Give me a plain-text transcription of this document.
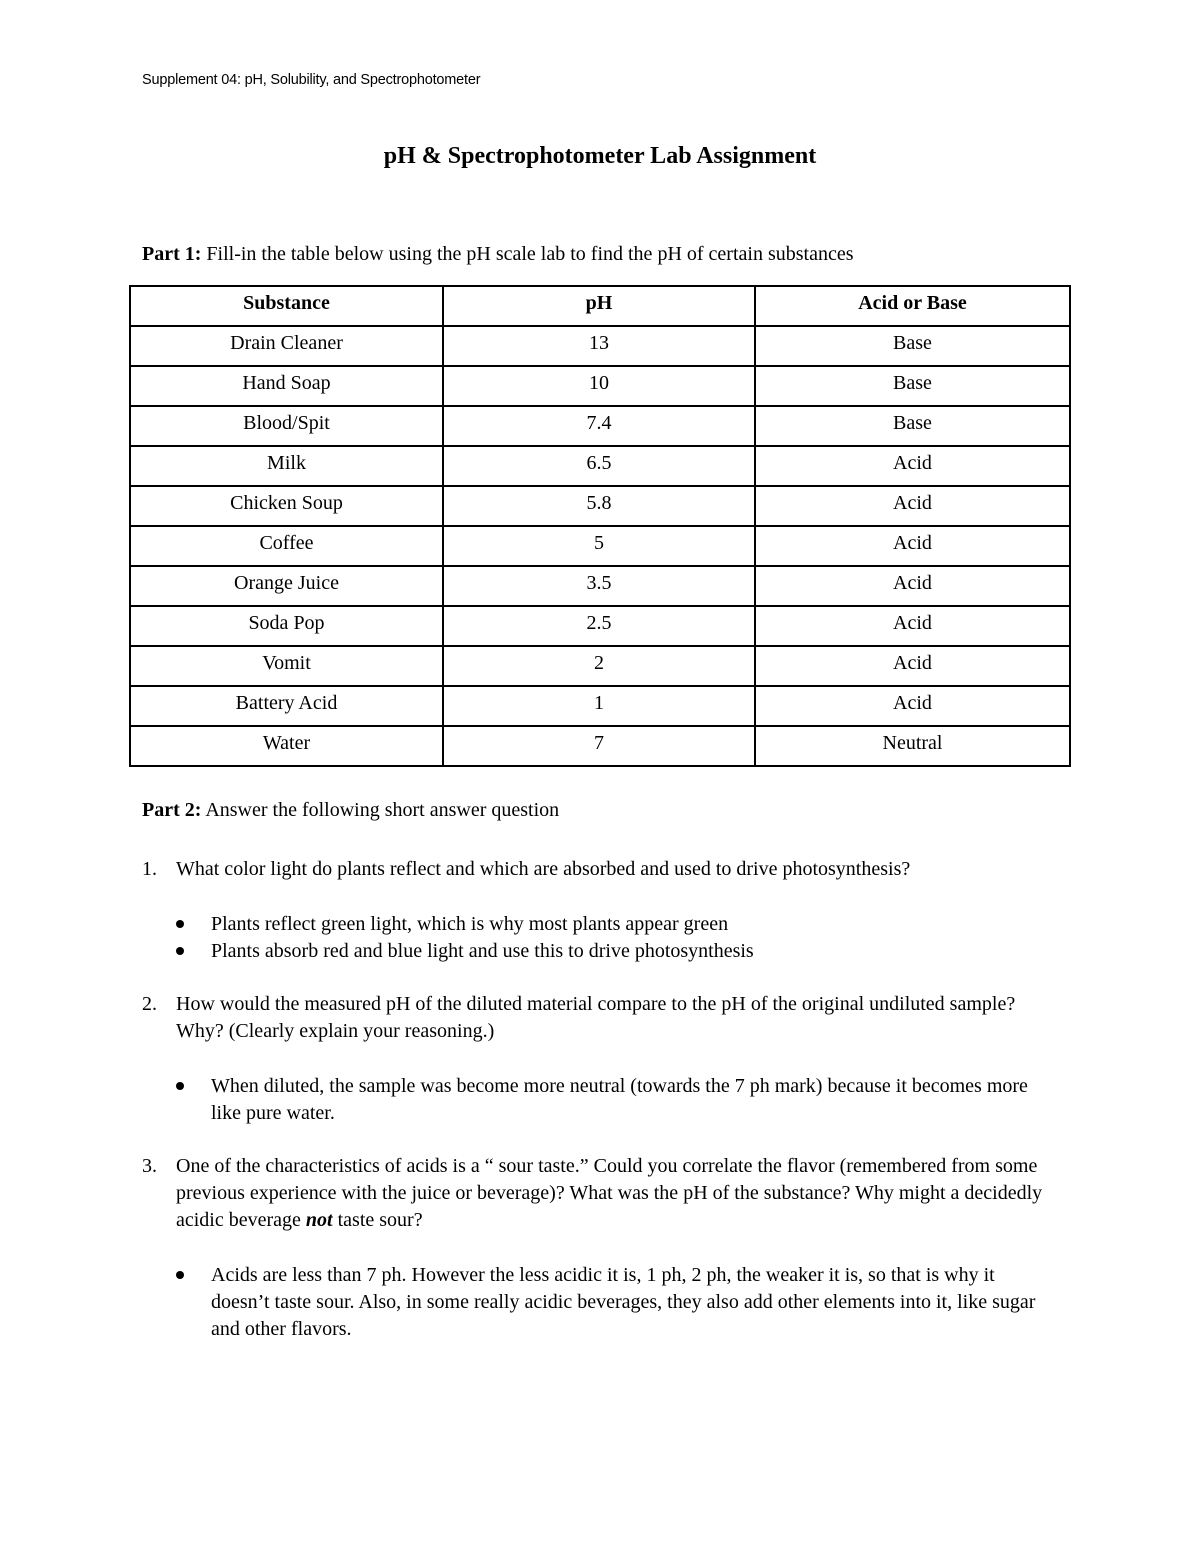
Supplement 04: pH, Solubility, and Spectrophotometer
pH & Spectrophotometer Lab Assignment
Part 1: Fill-in the table below using the pH scale lab to find the pH of certain substances
Substance	pH	Acid or Base
Drain Cleaner	13	Base
Hand Soap	10	Base
Blood/Spit	7.4	Base
Milk	6.5	Acid
Chicken Soup	5.8	Acid
Coffee	5	Acid
Orange Juice	3.5	Acid
Soda Pop	2.5	Acid
Vomit	2	Acid
Battery Acid	1	Acid
Water	7	Neutral
Part 2: Answer the following short answer question
1. What color light do plants reflect and which are absorbed and used to drive photosynthesis?
Plants reflect green light, which is why most plants appear green
Plants absorb red and blue light and use this to drive photosynthesis
2. How would the measured pH of the diluted material compare to the pH of the original undiluted sample? Why? (Clearly explain your reasoning.)
When diluted, the sample was become more neutral (towards the 7 ph mark) because it becomes more like pure water.
3. One of the characteristics of acids is a “ sour taste.” Could you correlate the flavor (remembered from some previous experience with the juice or beverage)? What was the pH of the substance? Why might a decidedly acidic beverage not taste sour?
Acids are less than 7 ph. However the less acidic it is, 1 ph, 2 ph, the weaker it is, so that is why it doesn’t taste sour. Also, in some really acidic beverages, they also add other elements into it, like sugar and other flavors.
